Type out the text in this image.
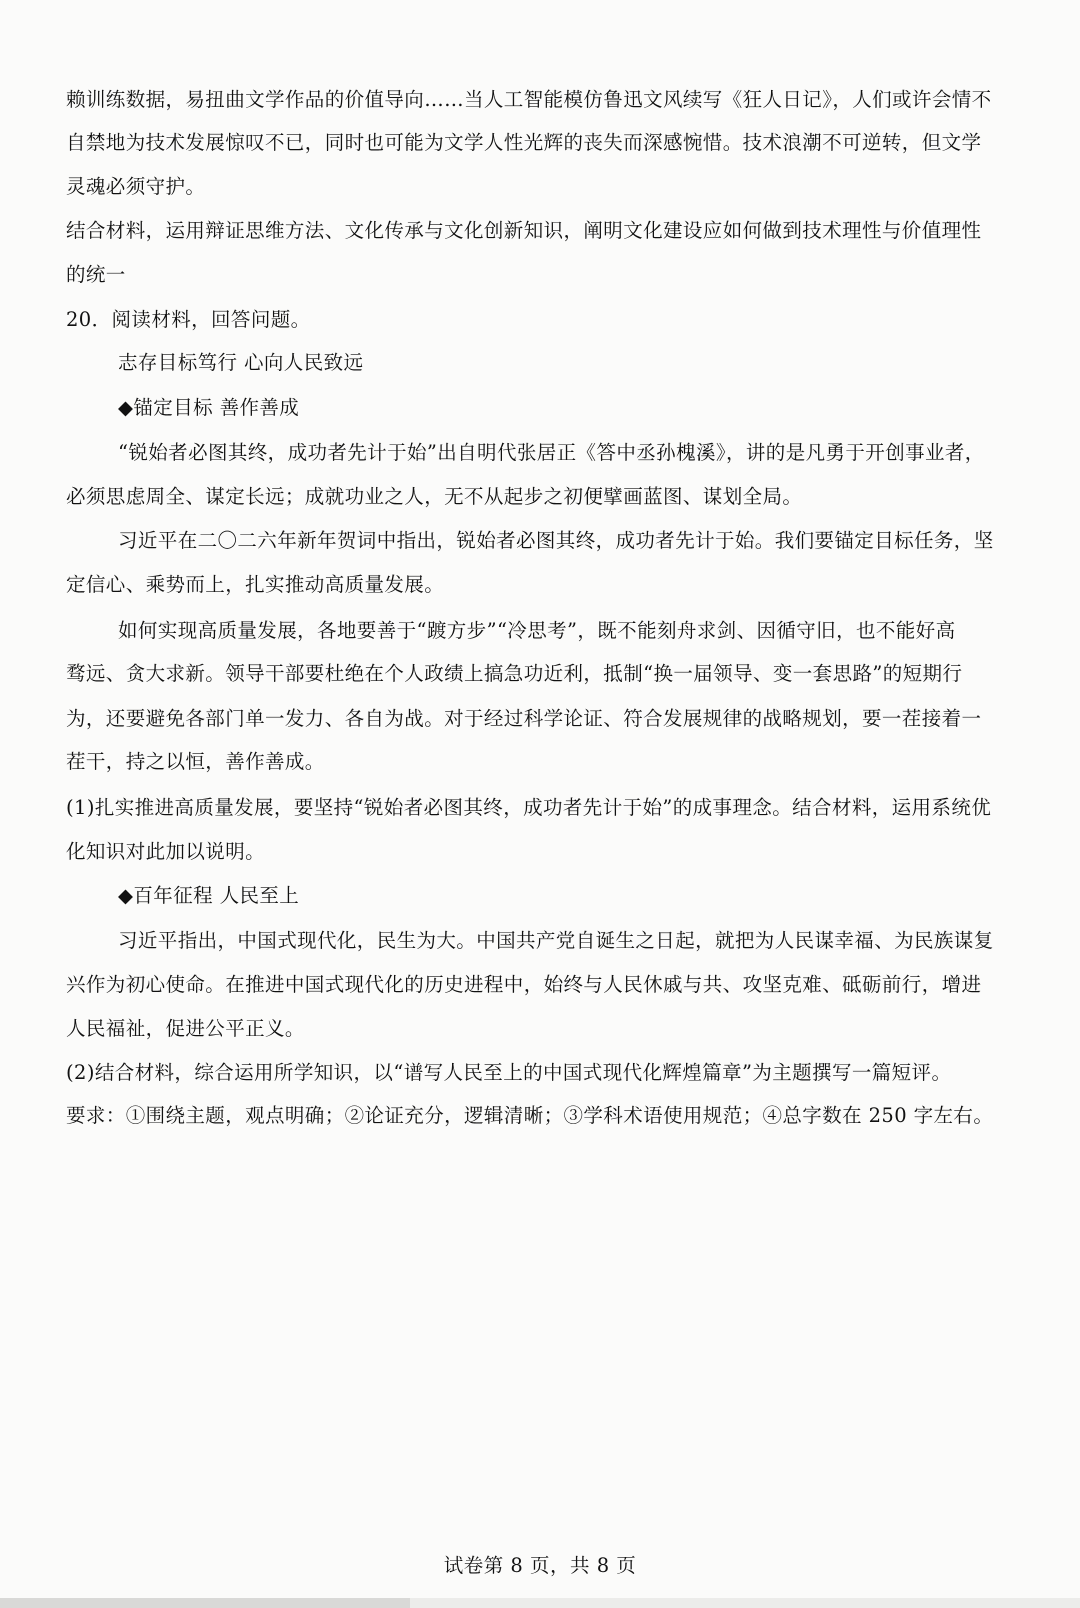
赖训练数据，易扭曲文学作品的价值导向……当人工智能模仿鲁迅文风续写《狂人日记》，人们或许会情不
自禁地为技术发展惊叹不已，同时也可能为文学人性光辉的丧失而深感惋惜。技术浪潮不可逆转，但文学
灵魂必须守护。
结合材料，运用辩证思维方法、文化传承与文化创新知识，阐明文化建设应如何做到技术理性与价值理性
的统一
20．阅读材料，回答问题。
志存目标笃行 心向人民致远
◆锚定目标 善作善成
“锐始者必图其终，成功者先计于始”出自明代张居正《答中丞孙槐溪》，讲的是凡勇于开创事业者，
必须思虑周全、谋定长远；成就功业之人，无不从起步之初便擘画蓝图、谋划全局。
习近平在二〇二六年新年贺词中指出，锐始者必图其终，成功者先计于始。我们要锚定目标任务，坚
定信心、乘势而上，扎实推动高质量发展。
如何实现高质量发展，各地要善于“踱方步”“冷思考”，既不能刻舟求剑、因循守旧，也不能好高
骛远、贪大求新。领导干部要杜绝在个人政绩上搞急功近利，抵制“换一届领导、变一套思路”的短期行
为，还要避免各部门单一发力、各自为战。对于经过科学论证、符合发展规律的战略规划，要一茬接着一
茬干，持之以恒，善作善成。
(1)扎实推进高质量发展，要坚持“锐始者必图其终，成功者先计于始”的成事理念。结合材料，运用系统优
化知识对此加以说明。
◆百年征程 人民至上
习近平指出，中国式现代化，民生为大。中国共产党自诞生之日起，就把为人民谋幸福、为民族谋复
兴作为初心使命。在推进中国式现代化的历史进程中，始终与人民休戚与共、攻坚克难、砥砺前行，增进
人民福祉，促进公平正义。
(2)结合材料，综合运用所学知识，以“谱写人民至上的中国式现代化辉煌篇章”为主题撰写一篇短评。
要求：①围绕主题，观点明确；②论证充分，逻辑清晰；③学科术语使用规范；④总字数在 250 字左右。
试卷第 8 页，共 8 页
